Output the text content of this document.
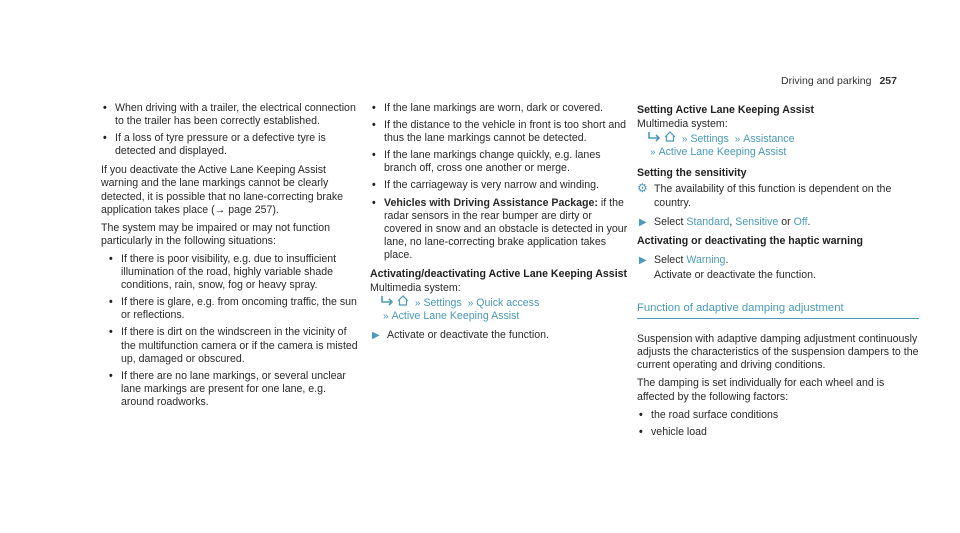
Driving and parking 257
• When driving with a trailer, the electrical connection to the trailer has been correctly established.
• If a loss of tyre pressure or a defective tyre is detected and displayed.

If you deactivate the Active Lane Keeping Assist warning and the lane markings cannot be clearly detected, it is possible that no lane-correcting brake application takes place (→ page 257).

The system may be impaired or may not function particularly in the following situations:

• If there is poor visibility, e.g. due to insufficient illumination of the road, highly variable shade conditions, rain, snow, fog or heavy spray.
• If there is glare, e.g. from oncoming traffic, the sun or reflections.
• If there is dirt on the windscreen in the vicinity of the multifunction camera or if the camera is misted up, damaged or obscured.
• If there are no lane markings, or several unclear lane markings are present for one lane, e.g. around roadworks.
• If the lane markings are worn, dark or covered.
• If the distance to the vehicle in front is too short and thus the lane markings cannot be detected.
• If the lane markings change quickly, e.g. lanes branch off, cross one another or merge.
• If the carriageway is very narrow and winding.
• Vehicles with Driving Assistance Package: if the radar sensors in the rear bumper are dirty or covered in snow and an obstacle is detected in your lane, no lane-correcting brake application takes place.
Activating/deactivating Active Lane Keeping Assist
Multimedia system:
» Settings » Quick access
» Active Lane Keeping Assist
▶ Activate or deactivate the function.
Setting Active Lane Keeping Assist
Multimedia system:
» Settings » Assistance
» Active Lane Keeping Assist
Setting the sensitivity
⚙ The availability of this function is dependent on the country.
▶ Select Standard, Sensitive or Off.
Activating or deactivating the haptic warning
▶ Select Warning.
Activate or deactivate the function.
Function of adaptive damping adjustment

Suspension with adaptive damping adjustment continuously adjusts the characteristics of the suspension dampers to the current operating and driving conditions.

The damping is set individually for each wheel and is affected by the following factors:

• the road surface conditions
• vehicle load
